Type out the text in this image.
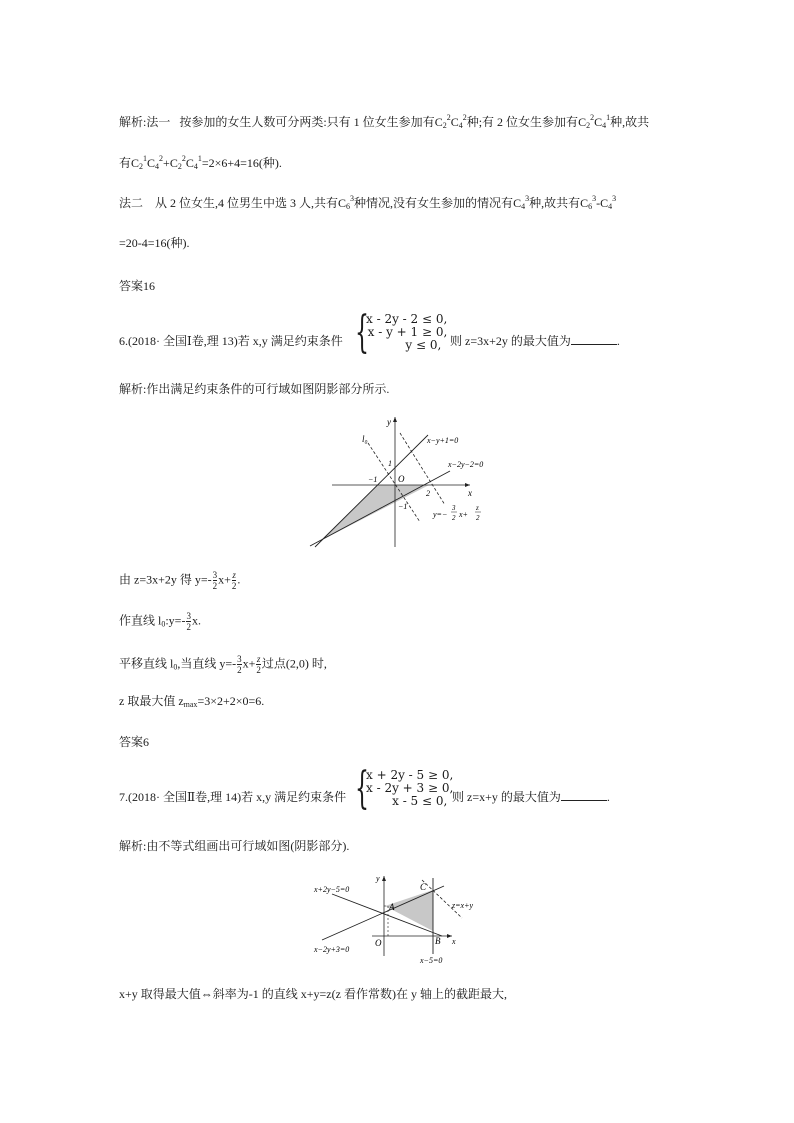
解析:法一 按参加的女生人数可分两类:只有 1 位女生参加有$C_2^2C_4^2$种;有 2 位女生参加有$C_2^2C_4^1$种,故共
有$C_2^1C_4^2+C_2^2C_4^1=2\times 6+4=16$(种).
法二 从 2 位女生,4 位男生中选 3 人,共有$C_6^3$种情况,没有女生参加的情况有$C_4^3$种,故共有$C_6^3-C_4^3$
=20-4=16(种).
答案16
6.(2018· 全国Ⅰ卷,理 13)若 x,y 满足约束条件 {
x - 2y - 2 ≤ 0,
x - y + 1 ≥ 0,
y ≤ 0, 则 z=3x+2y 的最大值为	.
解析:作出满足约束条件的可行域如图阴影部分所示.
l₀
y
x
x−y+1=0
x−2y−2=0
1
−1 O
2
−1
y=−
3
2 x+
z
2
由 z=3x+2y 得 $y=- \frac{3}{2} x+ \frac{z}{2}$ .
作直线 $l_0:y=- \frac{3}{2} x$.
平移直线 $l_0$,当直线 $y=- \frac{3}{2} x+ \frac{z}{2}$ 过点(2,0) 时,
z 取最大值 $z_{max}=3\times 2+2\times 0=6$.
答案6
7.(2018· 全国Ⅱ卷,理 14)若 x,y 满足约束条件 {
x + 2y - 5 ≥ 0,
x - 2y + 3 ≥ 0,
x - 5 ≤ 0, 则 z=x+y 的最大值为	.
解析:由不等式组画出可行域如图(阴影部分).
x+2y−5=0
x−2y+3=0
x−5=0
z=x+y
y
x
A
B
C
O
x+y 取得最大值⇔斜率为-1 的直线 x+y=z(z 看作常数)在 y 轴上的截距最大,
